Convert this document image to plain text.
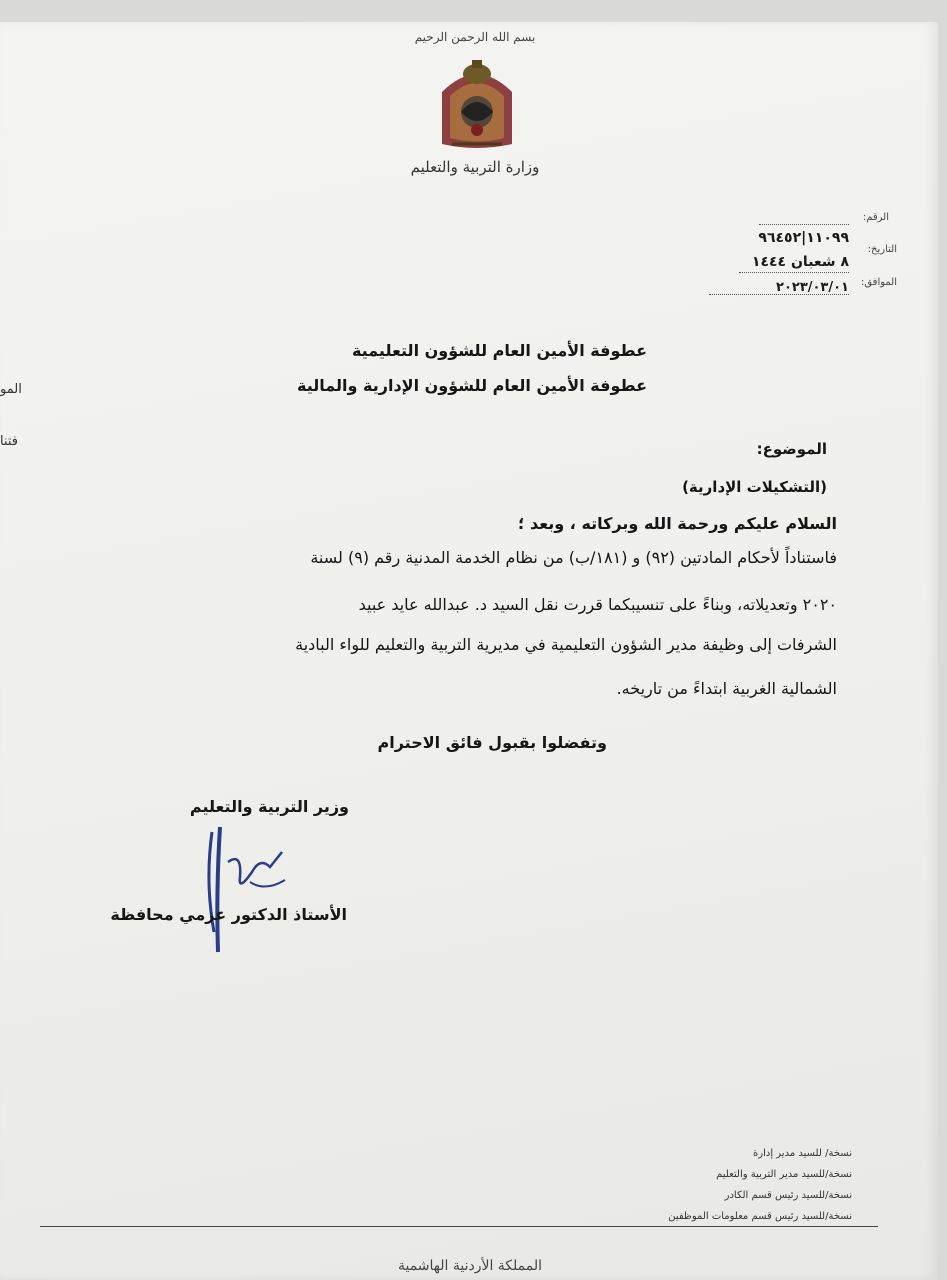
بسم الله الرحمن الرحيم
وزارة التربية والتعليم
الرقم:
١١٠٩٩|٩٦٤٥٢
التاريخ:
٨ شعبان ١٤٤٤
الموافق:
٢٠٢٣/٠٣/٠١
عطوفة الأمين العام للشؤون التعليمية
عطوفة الأمين العام للشؤون الإدارية والمالية
الموضوع:
(التشكيلات الإدارية)
السلام عليكم ورحمة الله وبركاته ، وبعد ؛
فاستناداً لأحكام المادتين (٩٢) و (١٨١/ب) من نظام الخدمة المدنية رقم (٩) لسنة
٢٠٢٠ وتعديلاته، وبناءً على تنسيبكما قررت نقل السيد د. عبدالله عايد عبيد
الشرفات إلى وظيفة مدير الشؤون التعليمية في مديرية التربية والتعليم للواء البادية
الشمالية الغربية ابتداءً من تاريخه.
وتفضلوا بقبول فائق الاحترام
وزير التربية والتعليم
الأستاذ الدكتور عزمي محافظة
نسخة/ للسيد مدير إدارة
نسخة/للسيد مدير التربية والتعليم
نسخة/للسيد رئيس قسم الكادر
نسخة/للسيد رئيس قسم معلومات الموظفين
المملكة الأردنية الهاشمية
المو
فتنا
